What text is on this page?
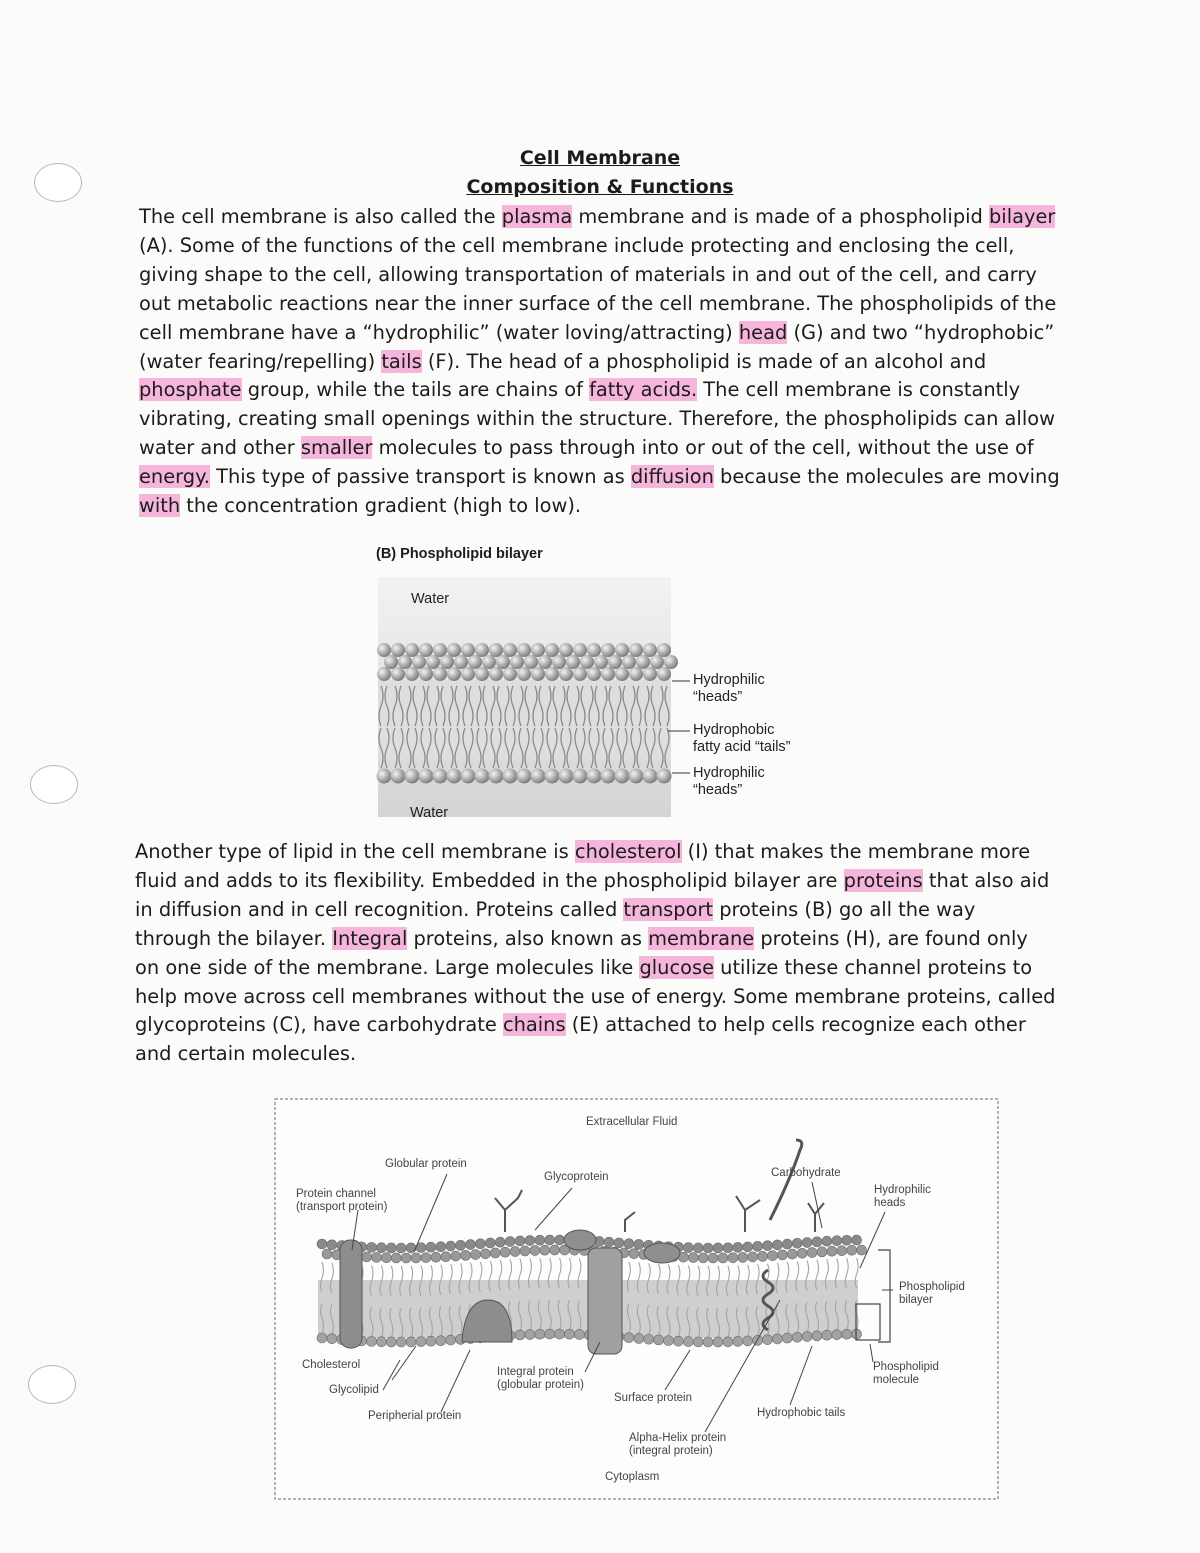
Cell Membrane
Composition & Functions
The cell membrane is also called the plasma membrane and is made of a phospholipid bilayer (A). Some of the functions of the cell membrane include protecting and enclosing the cell, giving shape to the cell, allowing transportation of materials in and out of the cell, and carry out metabolic reactions near the inner surface of the cell membrane. The phospholipids of the cell membrane have a “hydrophilic” (water loving/attracting) head (G) and two “hydrophobic” (water fearing/repelling) tails (F). The head of a phospholipid is made of an alcohol and phosphate group, while the tails are chains of fatty acids. The cell membrane is constantly vibrating, creating small openings within the structure. Therefore, the phospholipids can allow water and other smaller molecules to pass through into or out of the cell, without the use of energy. This type of passive transport is known as diffusion because the molecules are moving with the concentration gradient (high to low).
(B) Phospholipid bilayer
Water
Water
Hydrophilic
“heads”
Hydrophobic
fatty acid “tails”
Hydrophilic
“heads”
Another type of lipid in the cell membrane is cholesterol (I) that makes the membrane more fluid and adds to its flexibility. Embedded in the phospholipid bilayer are proteins that also aid in diffusion and in cell recognition. Proteins called transport proteins (B) go all the way through the bilayer. Integral proteins, also known as membrane proteins (H), are found only on one side of the membrane. Large molecules like glucose utilize these channel proteins to help move across cell membranes without the use of energy. Some membrane proteins, called glycoproteins (C), have carbohydrate chains (E) attached to help cells recognize each other and certain molecules.
Extracellular Fluid
Globular protein
Glycoprotein	Carbohydrate
Hydrophilic
heads
Protein channel
(transport protein)
Phospholipid
bilayer
Cholesterol
Glycolipid
Integral protein
(globular protein)
Surface protein
Phospholipid
molecule
Peripherial protein	Hydrophobic tails
Alpha-Helix protein
(integral protein)
Cytoplasm
